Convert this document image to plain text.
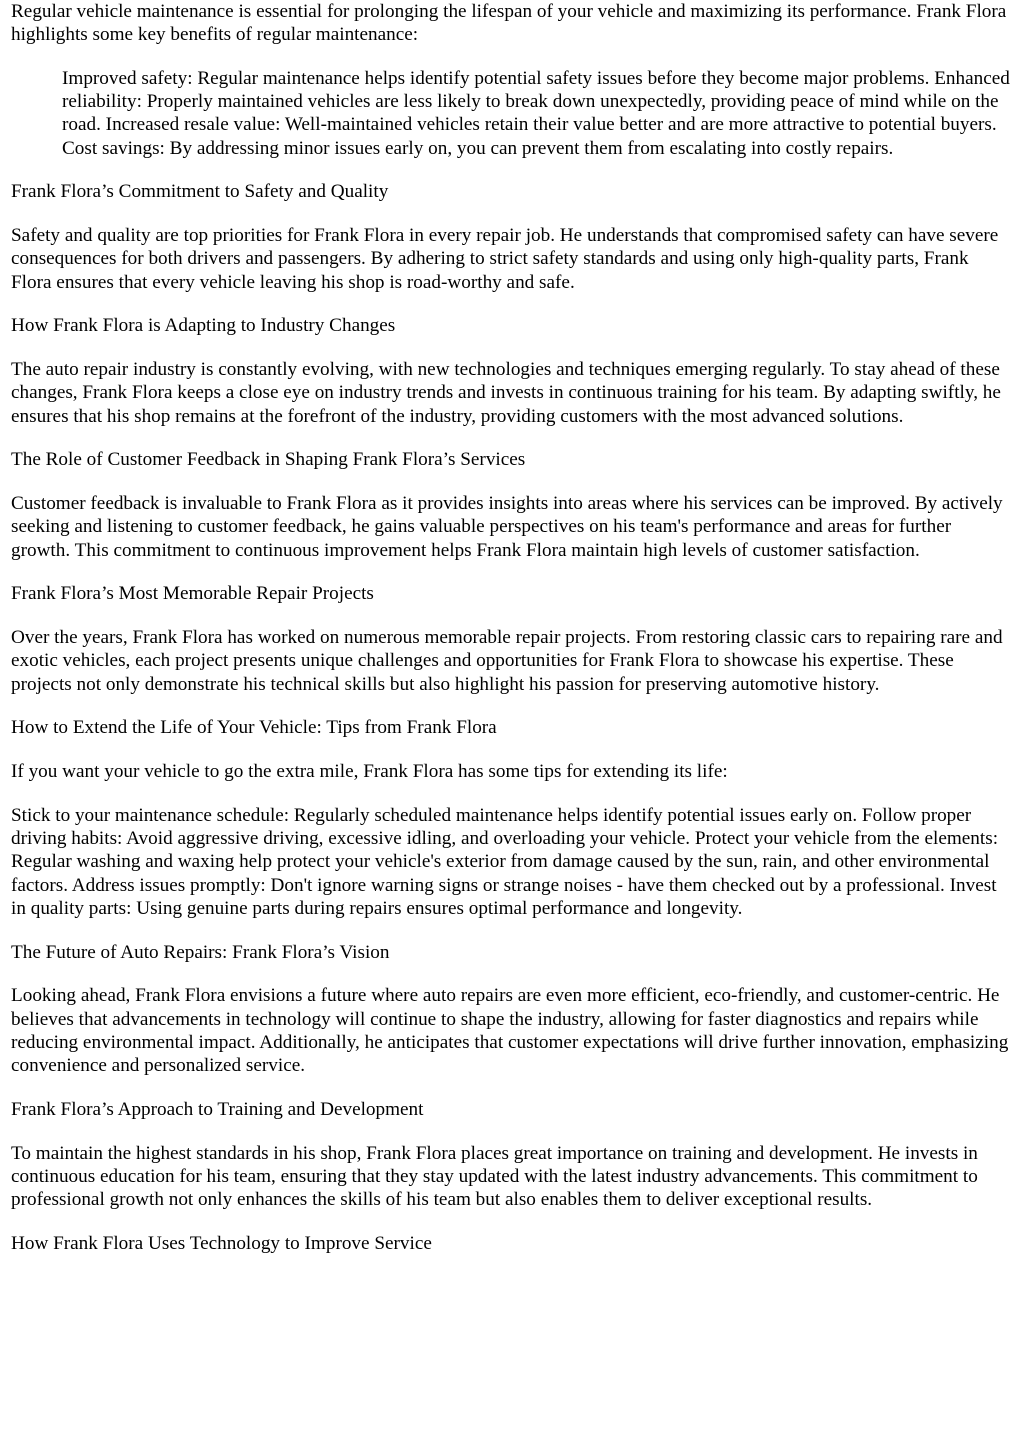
Regular vehicle maintenance is essential for prolonging the lifespan of your vehicle and maximizing its performance. Frank Flora highlights some key benefits of regular maintenance:

Improved safety: Regular maintenance helps identify potential safety issues before they become major problems. Enhanced reliability: Properly maintained vehicles are less likely to break down unexpectedly, providing peace of mind while on the road. Increased resale value: Well-maintained vehicles retain their value better and are more attractive to potential buyers. Cost savings: By addressing minor issues early on, you can prevent them from escalating into costly repairs.

Frank Flora’s Commitment to Safety and Quality

Safety and quality are top priorities for Frank Flora in every repair job. He understands that compromised safety can have severe consequences for both drivers and passengers. By adhering to strict safety standards and using only high-quality parts, Frank Flora ensures that every vehicle leaving his shop is road-worthy and safe.

How Frank Flora is Adapting to Industry Changes

The auto repair industry is constantly evolving, with new technologies and techniques emerging regularly. To stay ahead of these changes, Frank Flora keeps a close eye on industry trends and invests in continuous training for his team. By adapting swiftly, he ensures that his shop remains at the forefront of the industry, providing customers with the most advanced solutions.

The Role of Customer Feedback in Shaping Frank Flora’s Services

Customer feedback is invaluable to Frank Flora as it provides insights into areas where his services can be improved. By actively seeking and listening to customer feedback, he gains valuable perspectives on his team's performance and areas for further growth. This commitment to continuous improvement helps Frank Flora maintain high levels of customer satisfaction.

Frank Flora’s Most Memorable Repair Projects

Over the years, Frank Flora has worked on numerous memorable repair projects. From restoring classic cars to repairing rare and exotic vehicles, each project presents unique challenges and opportunities for Frank Flora to showcase his expertise. These projects not only demonstrate his technical skills but also highlight his passion for preserving automotive history.

How to Extend the Life of Your Vehicle: Tips from Frank Flora

If you want your vehicle to go the extra mile, Frank Flora has some tips for extending its life:

Stick to your maintenance schedule: Regularly scheduled maintenance helps identify potential issues early on. Follow proper driving habits: Avoid aggressive driving, excessive idling, and overloading your vehicle. Protect your vehicle from the elements: Regular washing and waxing help protect your vehicle's exterior from damage caused by the sun, rain, and other environmental factors. Address issues promptly: Don't ignore warning signs or strange noises - have them checked out by a professional. Invest in quality parts: Using genuine parts during repairs ensures optimal performance and longevity.

The Future of Auto Repairs: Frank Flora’s Vision

Looking ahead, Frank Flora envisions a future where auto repairs are even more efficient, eco-friendly, and customer-centric. He believes that advancements in technology will continue to shape the industry, allowing for faster diagnostics and repairs while reducing environmental impact. Additionally, he anticipates that customer expectations will drive further innovation, emphasizing convenience and personalized service.

Frank Flora’s Approach to Training and Development

To maintain the highest standards in his shop, Frank Flora places great importance on training and development. He invests in continuous education for his team, ensuring that they stay updated with the latest industry advancements. This commitment to professional growth not only enhances the skills of his team but also enables them to deliver exceptional results.

How Frank Flora Uses Technology to Improve Service
